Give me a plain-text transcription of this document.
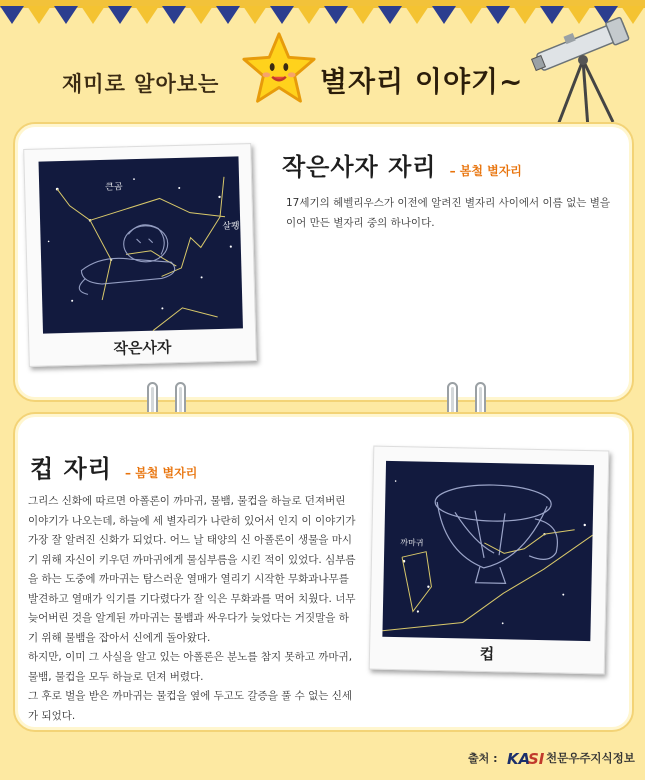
재미로 알아보는	별자리 이야기~
큰곰
살쾡
작은사자
작은사자 자리 – 봄철 별자리
17세기의 헤벨리우스가 이전에 알려진 별자리 사이에서 이름 없는 별을 이어 만든 별자리 중의 하나이다.
컵 자리 – 봄철 별자리

그리스 신화에 따르면 아폴론이 까마귀, 물뱀, 물컵을 하늘로 던져버린 이야기가 나오는데, 하늘에 세 별자리가 나란히 있어서 인지 이 이야기가 가장 잘 알려진 신화가 되었다. 어느 날 태양의 신 아폴론이 생물을 마시기 위해 자신이 키우던 까마귀에게 물심부름을 시킨 적이 있었다. 심부름을 하는 도중에 까마귀는 탐스러운 열매가 열리기 시작한 무화과나무를 발견하고 열매가 익기를 기다렸다가 잘 익은 무화과를 먹어 치웠다. 너무 늦어버린 것을 알게된 까마귀는 물뱀과 싸우다가 늦었다는 거짓말을 하기 위해 물뱀을 잡아서 신에게 돌아왔다.

하지만, 이미 그 사실을 알고 있는 아폴론은 분노를 참지 못하고 까마귀, 물뱀, 물컵을 모두 하늘로 던져 버렸다.

그 후로 벌을 받은 까마귀는 물컵을 옆에 두고도 갈증을 풀 수 없는 신세가 되었다.

까마귀
컵
출처 : KA
SI 천문우주지식정보
